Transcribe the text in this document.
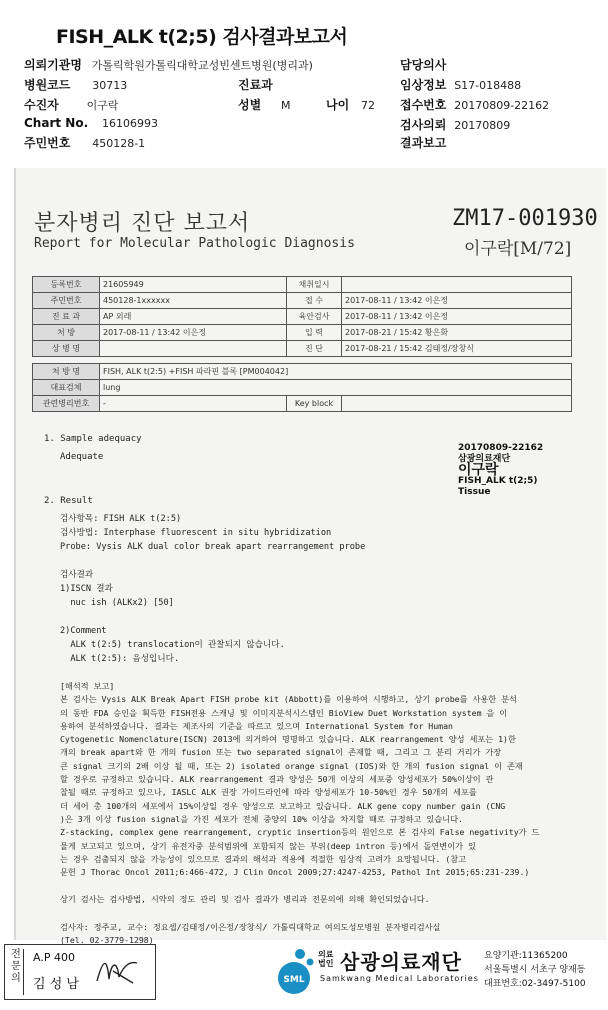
FISH_ALK t(2;5) 검사결과보고서
의뢰기관명 가톨릭학원가톨릭대학교성빈센트병원(병리과)
병원코드 30713	진료과
수진자	이구락	성별 M	나이 72
Chart No. 16106993
주민번호 450128-1
담당의사
임상정보 S17-018488
접수번호 20170809-22162
검사의뢰 20170809
결과보고
분자병리 진단 보고서
Report for Molecular Pathologic Diagnosis
ZM17-001930
이구락[M/72]
등록번호	21605949	채취일시	
주민번호	450128-1xxxxxx	접 수	2017-08-11 / 13:42 이은정
진 료 과	AP 외래	육안검사	2017-08-11 / 13:42 이은정
처 방	2017-08-11 / 13:42 이은정	입 력	2017-08-21 / 15:42 황은화
상 병 명		진 단	2017-08-21 / 15:42 김태정/장창식

처 방 명	FISH, ALK t(2:5) +FISH 파라핀 블록 [PM004042]		
대표검체	lung		
관련병리번호	-	Key block	
1. Sample adequacy
Adequate
20170809-22162
삼광의료재단
이구락
FISH_ALK t(2;5)
Tissue
2. Result
검사항목: FISH ALK t(2:5)
검사방법: Interphase fluorescent in situ hybridization
Probe: Vysis ALK dual color break apart rearrangement probe
검사결과
1)ISCN 결과
nuc ish (ALKx2) [50]
2)Comment
ALK t(2:5) translocation이 관찰되지 않습니다.
ALK t(2:5): 음성입니다.
[해석적 보고]
본 검사는 Vysis ALK Break Apart FISH probe kit (Abbott)를 이용하여 시행하고, 상기 probe를 사용한 분석
의 동반 FDA 승인을 획득한 FISH전용 스캐닝 및 이미지분석시스템인 BioView Duet Workstation system 을 이
용하여 분석하였습니다. 결과는 제조사의 기준을 따르고 있으며 International System for Human
Cytogenetic Nomenclature(ISCN) 2013에 의거하여 명명하고 있습니다. ALK rearrangement 양성 세포는 1)한
개의 break apart와 한 개의 fusion 또는 two separated signal이 존재할 때, 그리고 그 분리 거리가 가장
큰 signal 크기의 2배 이상 될 때, 또는 2) isolated orange signal (IOS)와 한 개의 fusion signal 이 존재
할 경우로 규정하고 있습니다. ALK rearrangement 결과 양성은 50개 이상의 세포중 양성세포가 50%이상이 관
찰될 때로 규정하고 있으나, IASLC ALK 권장 가이드라인에 따라 양성세포가 10-50%인 경우 50개의 세포를
더 세어 총 100개의 세포에서 15%이상일 경우 양성으로 보고하고 있습니다. ALK gene copy number gain (CNG
)은 3개 이상 fusion signal을 가진 세포가 전체 중양의 10% 이상을 차지할 때로 규정하고 있습니다.
Z-stacking, complex gene rearrangement, cryptic insertion등의 원인으로 본 검사의 False negativity가 드
물게 보고되고 있으며, 상기 유전자중 분석범위에 포함되지 않는 부위(deep intron 등)에서 돌연변이가 있
는 경우 검출되지 않을 가능성이 있으므로 결과의 해석과 적용에 적절한 임상적 고려가 요망됩니다. (참고
문헌 J Thorac Oncol 2011;6:466-472, J Clin Oncol 2009;27:4247-4253, Pathol Int 2015;65:231-239.)
상기 검사는 검사방법, 시약의 정도 관리 및 검사 결과가 병리과 전문의에 의해 확인되었습니다.
검사자: 정주교, 교수: 정요셉/김태정/이은정/장창식/ 가톨릭대학교 여의도성모병원 분자병리검사실
(Tel. 02-3779-1298)
전문의
A.P 400
김 성 남	SML
의료
법인 삼광의료재단
Samkwang Medical Laboratories
요양기관:11365200
서울특별시 서초구 양재동
대표번호:02-3497-5100
